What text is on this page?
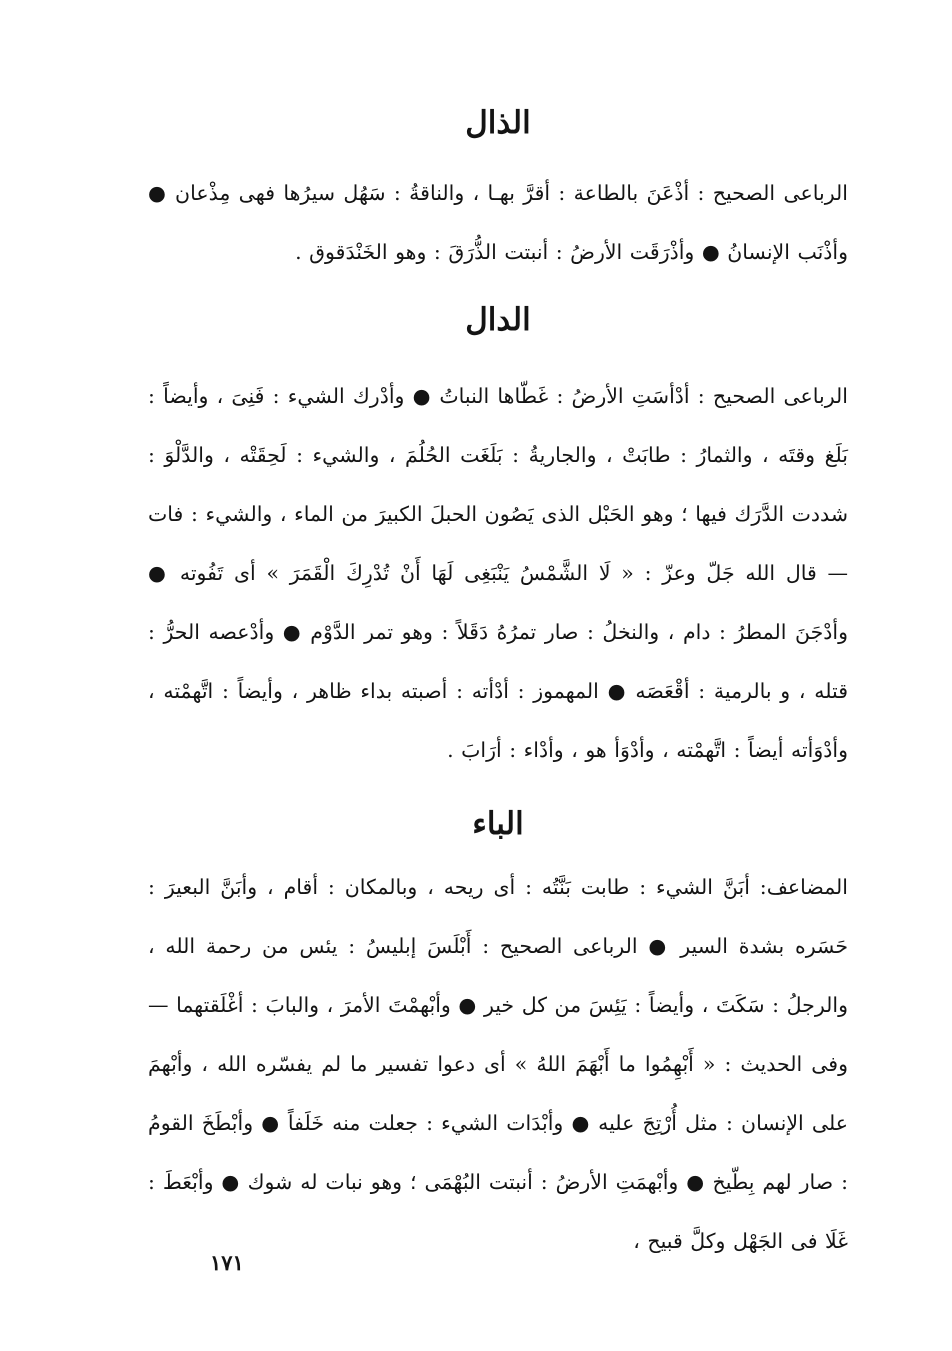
الذال

الرباعى الصحيح : أذْعَنَ بالطاعة : أقرَّ بهـا ، والناقةُ : سَهُل سيرُها فهى مِذْعان ● وأذْنَب الإنسانُ ● وأذْرَقَت الأرضُ : أنبتت الذُّرَقَ : وهو الخَنْدَقوق .

الدال

الرباعى الصحيح : أدْأسَتِ الأرضُ : غَطّاها النباتُ ● وأدْرك الشيء : فَنِىَ ، وأيضاً : بَلَغ وقتَه ، والثمارُ : طابَتْ ، والجاريةُ : بَلَغَت الحُلُمَ ، والشيء : لَحِقَتْه ، والدَّلْوَ : شددت الدَّرَك فيها ؛ وهو الحَبْل الذى يَصُون الحبلَ الكبيرَ من الماء ، والشيء : فات — قال الله جَلّ وعزّ : « لَا الشَّمْسُ يَنْبَغِى لَهَا أَنْ تُدْرِكَ الْقَمَرَ » أى تَفُوته ● وأدْجَنَ المطرُ : دام ، والنخلُ : صار تمرُهُ دَقَلاً : وهو تمر الدَّوْم ● وأدْعصه الحرُّ : قتله ، و بالرمية : أقْعَصَه ● المهموز : أدْأته : أصبته بداء ظاهر ، وأيضاً : اتَّهمْته ، وأدْوَأته أيضاً : اتَّهمْته ، وأدْوَأ هو ، وأدْاء : أرَابَ .

الباء

المضاعف: أبَنَّ الشيء : طابت بَنَّتُه : أى ريحه ، وبالمكان : أقام ، وأبَنَّ البعيرَ : حَسَره بشدة السير ● الرباعى الصحيح : أَبْلَسَ إبليسُ : يئس من رحمة الله ، والرجلُ : سَكَتَ ، وأيضاً : يَئِسَ من كل خير ● وأبْهمْتَ الأمرَ ، والبابَ : أغْلَقتهما — وفى الحديث : « أَبْهِمُوا ما أَبْهَمَ اللهُ » أى دعوا تفسير ما لم يفسّره الله ، وأبْهمَ على الإنسان : مثل أُرْتِجَ عليه ● وأبْدَات الشيء : جعلت منه خَلَفاً ● وأبْطَخَ القومُ : صار لهم بِطّيخ ● وأبْهمَتِ الأرضُ : أنبتت البُهْمَى ؛ وهو نبات له شوك ● وأبْعَطَ : غَلَا فى الجَهْل وكلَّ قبيح ،

١٧١
